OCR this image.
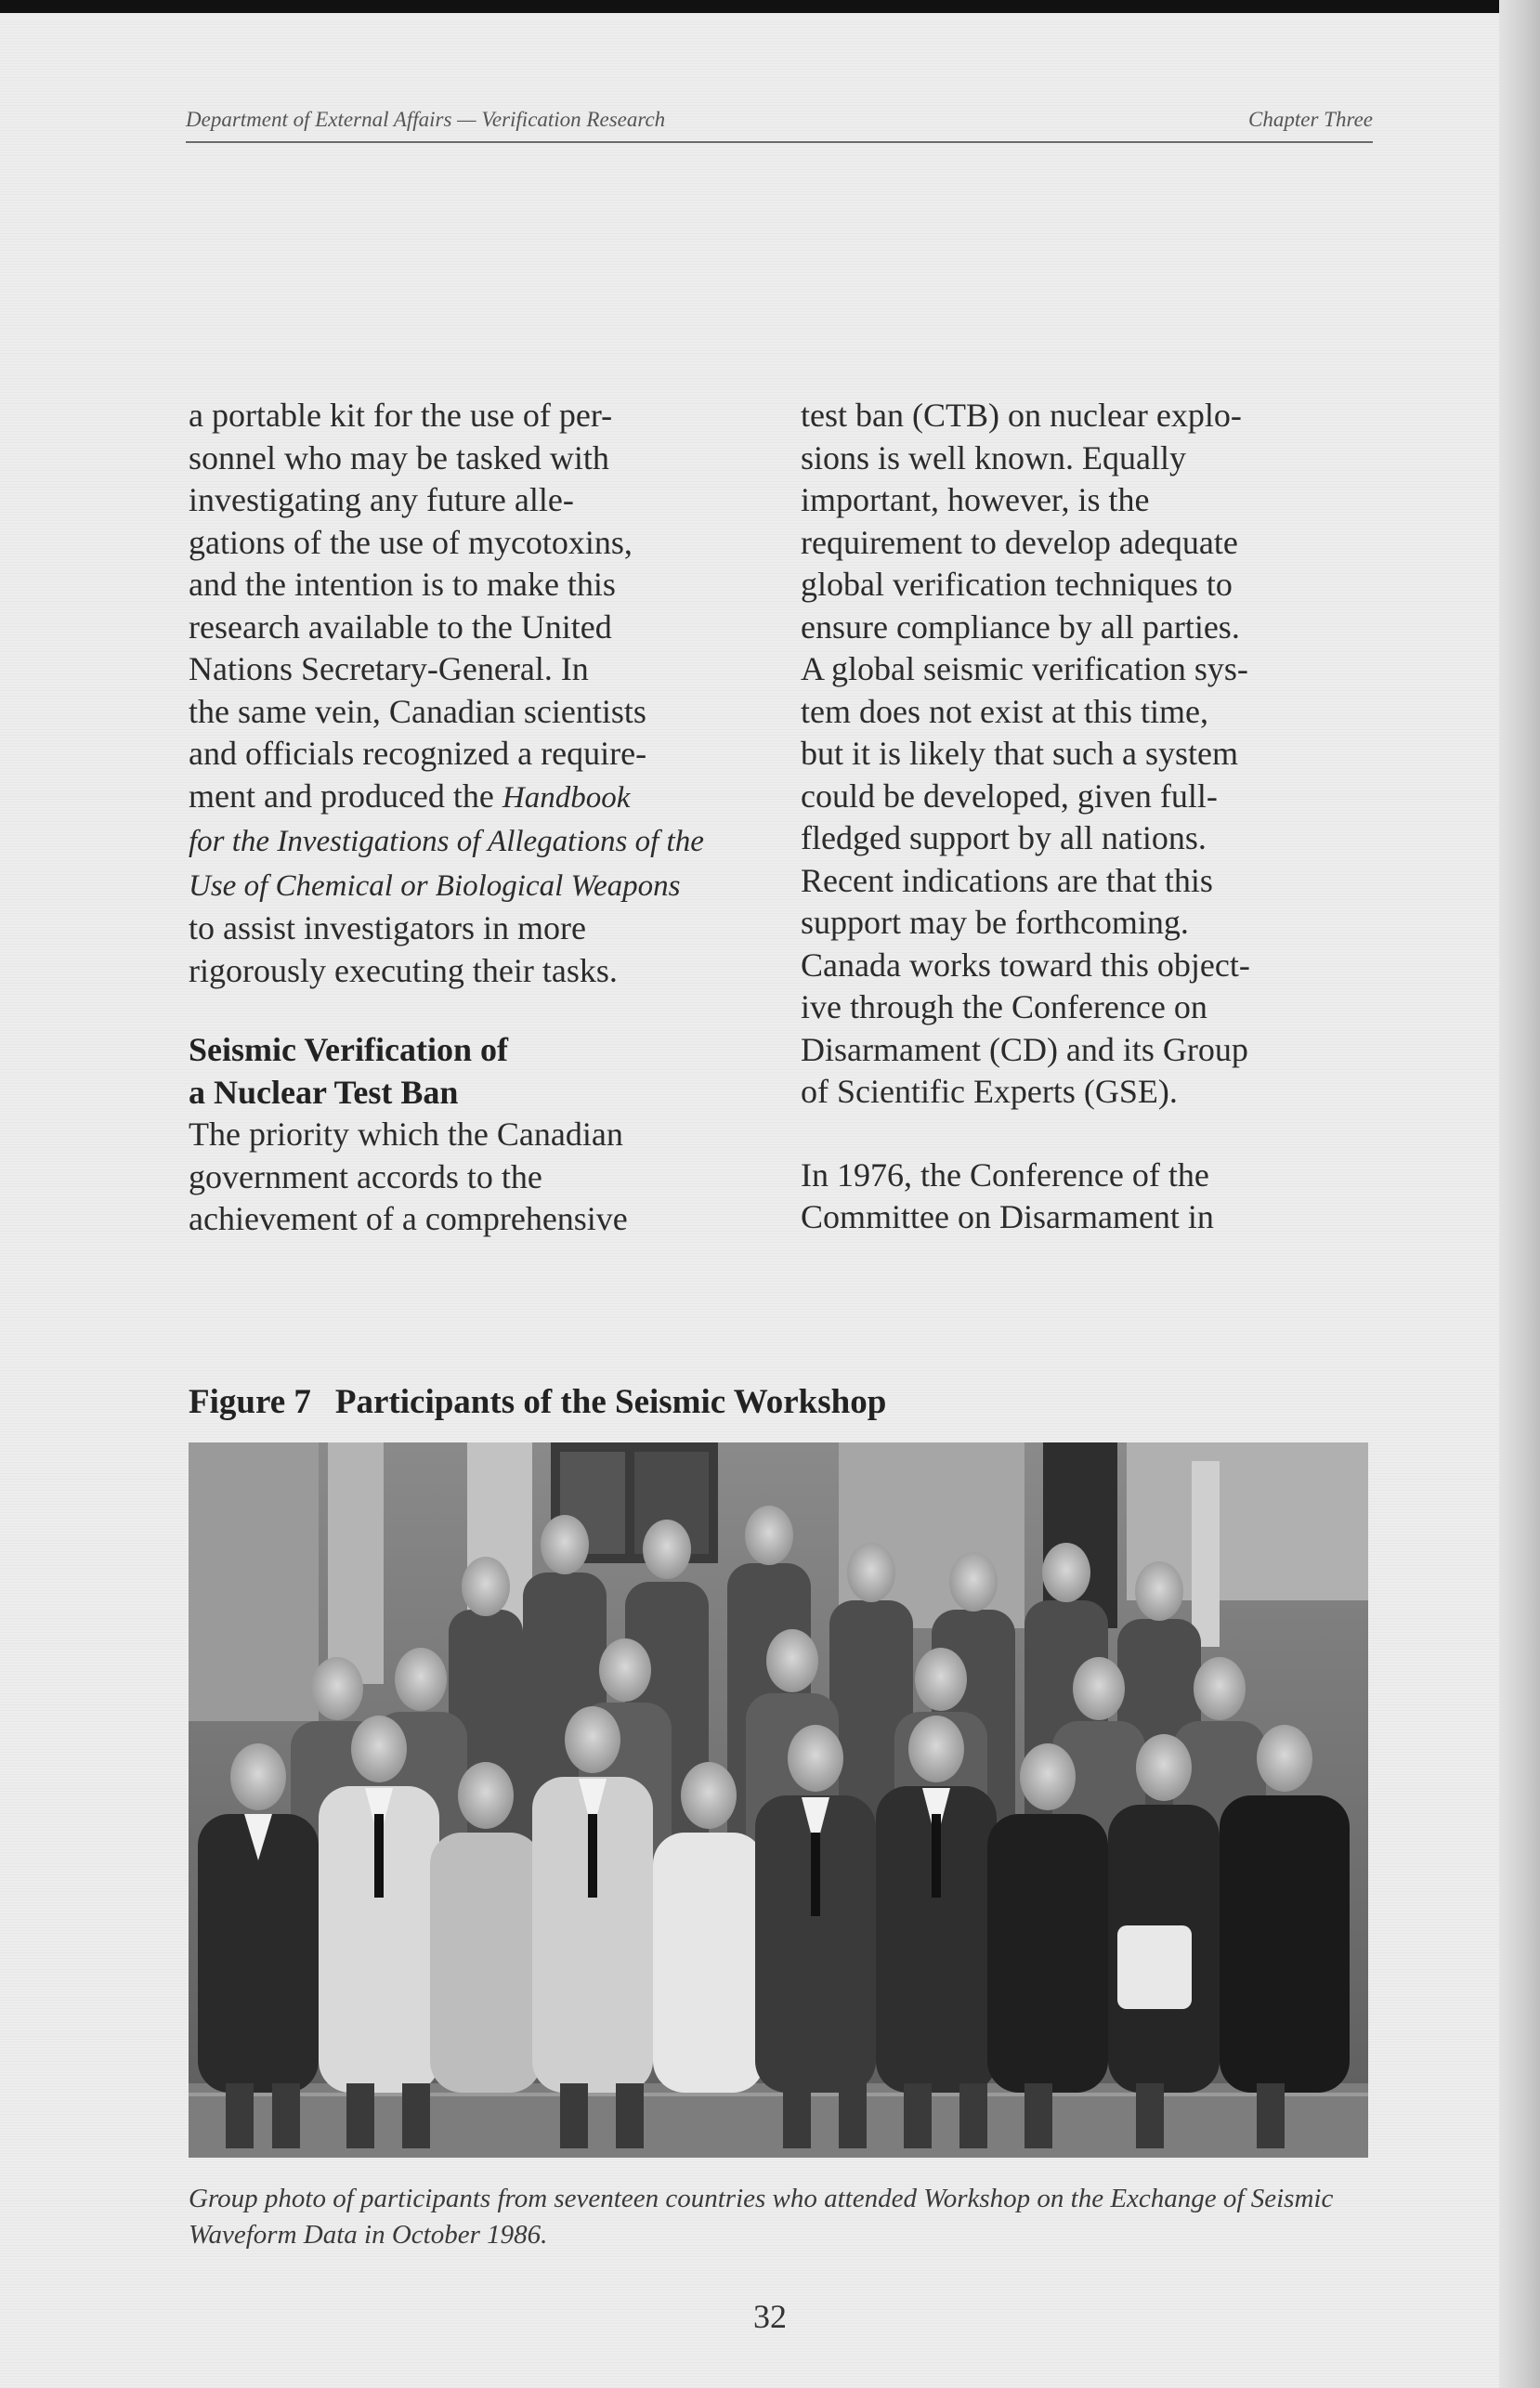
Department of External Affairs — Verification Research	Chapter Three

a portable kit for the use of per-
sonnel who may be tasked with
investigating any future alle-
gations of the use of mycotoxins,
and the intention is to make this
research available to the United
Nations Secretary-General. In
the same vein, Canadian scientists
and officials recognized a require-
ment and produced the Handbook
for the Investigations of Allegations of the
Use of Chemical or Biological Weapons
to assist investigators in more
rigorously executing their tasks.

Seismic Verification of
a Nuclear Test Ban

The priority which the Canadian
government accords to the
achievement of a comprehensive

test ban (CTB) on nuclear explo-
sions is well known. Equally
important, however, is the
requirement to develop adequate
global verification techniques to
ensure compliance by all parties.
A global seismic verification sys-
tem does not exist at this time,
but it is likely that such a system
could be developed, given full-
fledged support by all nations.
Recent indications are that this
support may be forthcoming.
Canada works toward this object-
ive through the Conference on
Disarmament (CD) and its Group
of Scientific Experts (GSE).

In 1976, the Conference of the
Committee on Disarmament in

Figure 7 Participants of the Seismic Workshop

Group photo of participants from seventeen countries who attended Workshop on the Exchange of Seismic Waveform Data in October 1986.

32
